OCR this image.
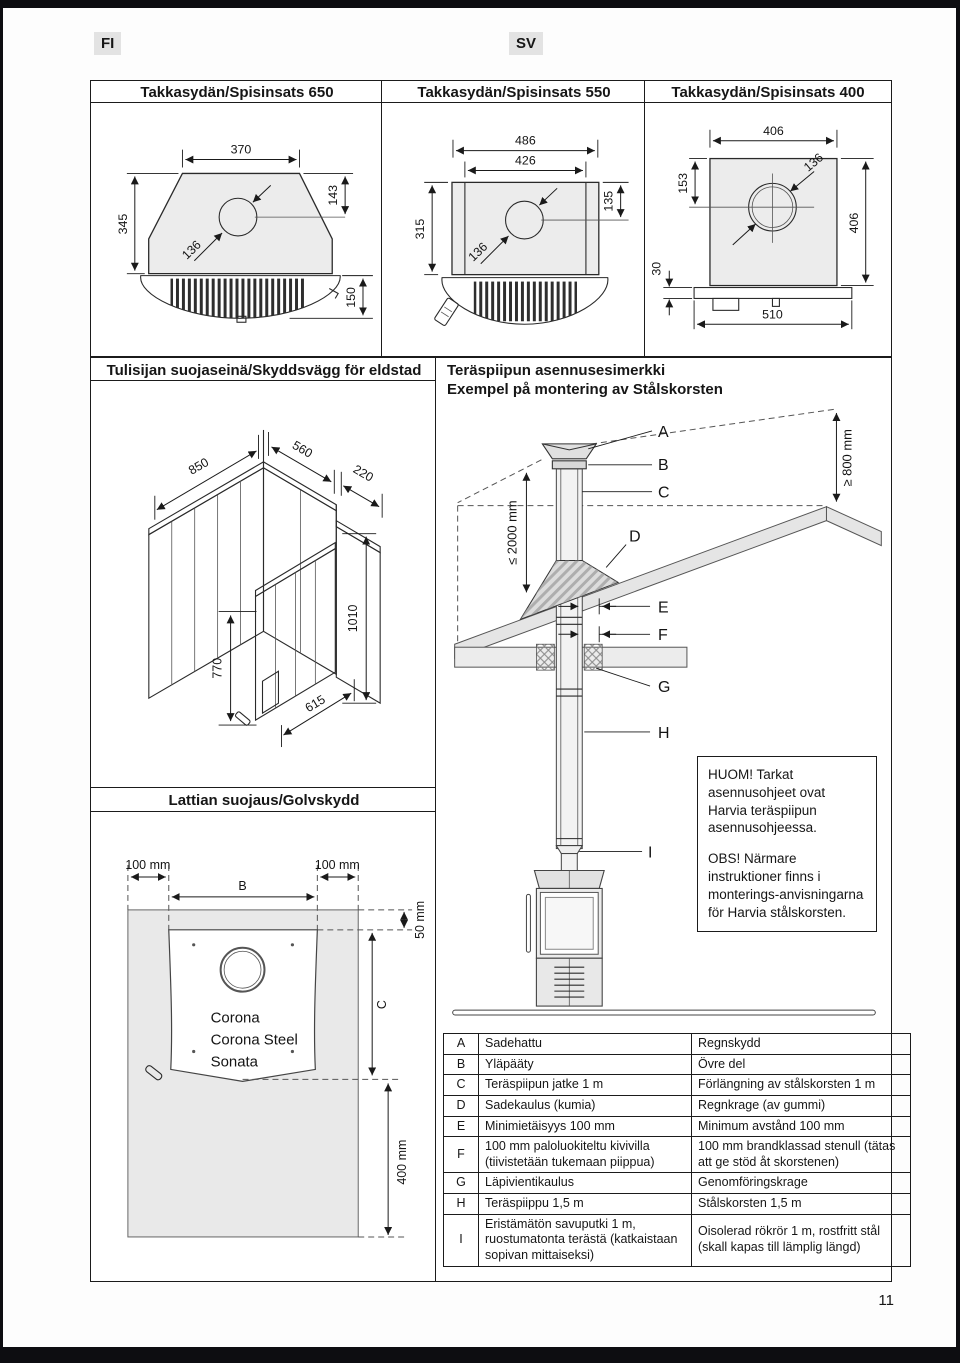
FI	SV
Takkasydän/Spisinsats 650	Takkasydän/Spisinsats 550	Takkasydän/Spisinsats 400
370
345
143
136
150
486
426
315
135
136
406
153
136
406
30
510
Tulisijan suojaseinä/Skyddsvägg för eldstad
850
560
220
1010
770
615
Lattian suojaus/Golvskydd
100 mm
B
100 mm
50 mm
Corona
Corona Steel
Sonata
C
400 mm
Teräspiipun asennusesimerkki
Exempel på montering av Stålskorsten
A
B
C
D
E
F
G
H
I
≥ 800 mm
≤ 2000 mm

HUOM! Tarkat asennusohjeet ovat Harvia teräspiipun asennusohjeessa.

OBS! Närmare instruktioner finns i monterings-anvisningarna för Harvia stålskorsten.

A	Sadehattu	Regnskydd
B	Yläpääty	Övre del
C	Teräspiipun jatke 1 m	Förlängning av stålskorsten 1 m
D	Sadekaulus (kumia)	Regnkrage (av gummi)
E	Minimietäisyys 100 mm	Minimum avstånd 100 mm
F	100 mm paloluokiteltu kivivilla (tiivistetään tukemaan piippua)	100 mm brandklassad stenull (tätas att ge stöd åt skorstenen)
G	Läpivientikaulus	Genomföringskrage
H	Teräspiippu 1,5 m	Stålskorsten 1,5 m
I	Eristämätön savuputki 1 m, ruostumatonta terästä (katkaistaan sopivan mittaiseksi)	Oisolerad rökrör 1 m, rostfritt stål (skall kapas till lämplig längd)
11
